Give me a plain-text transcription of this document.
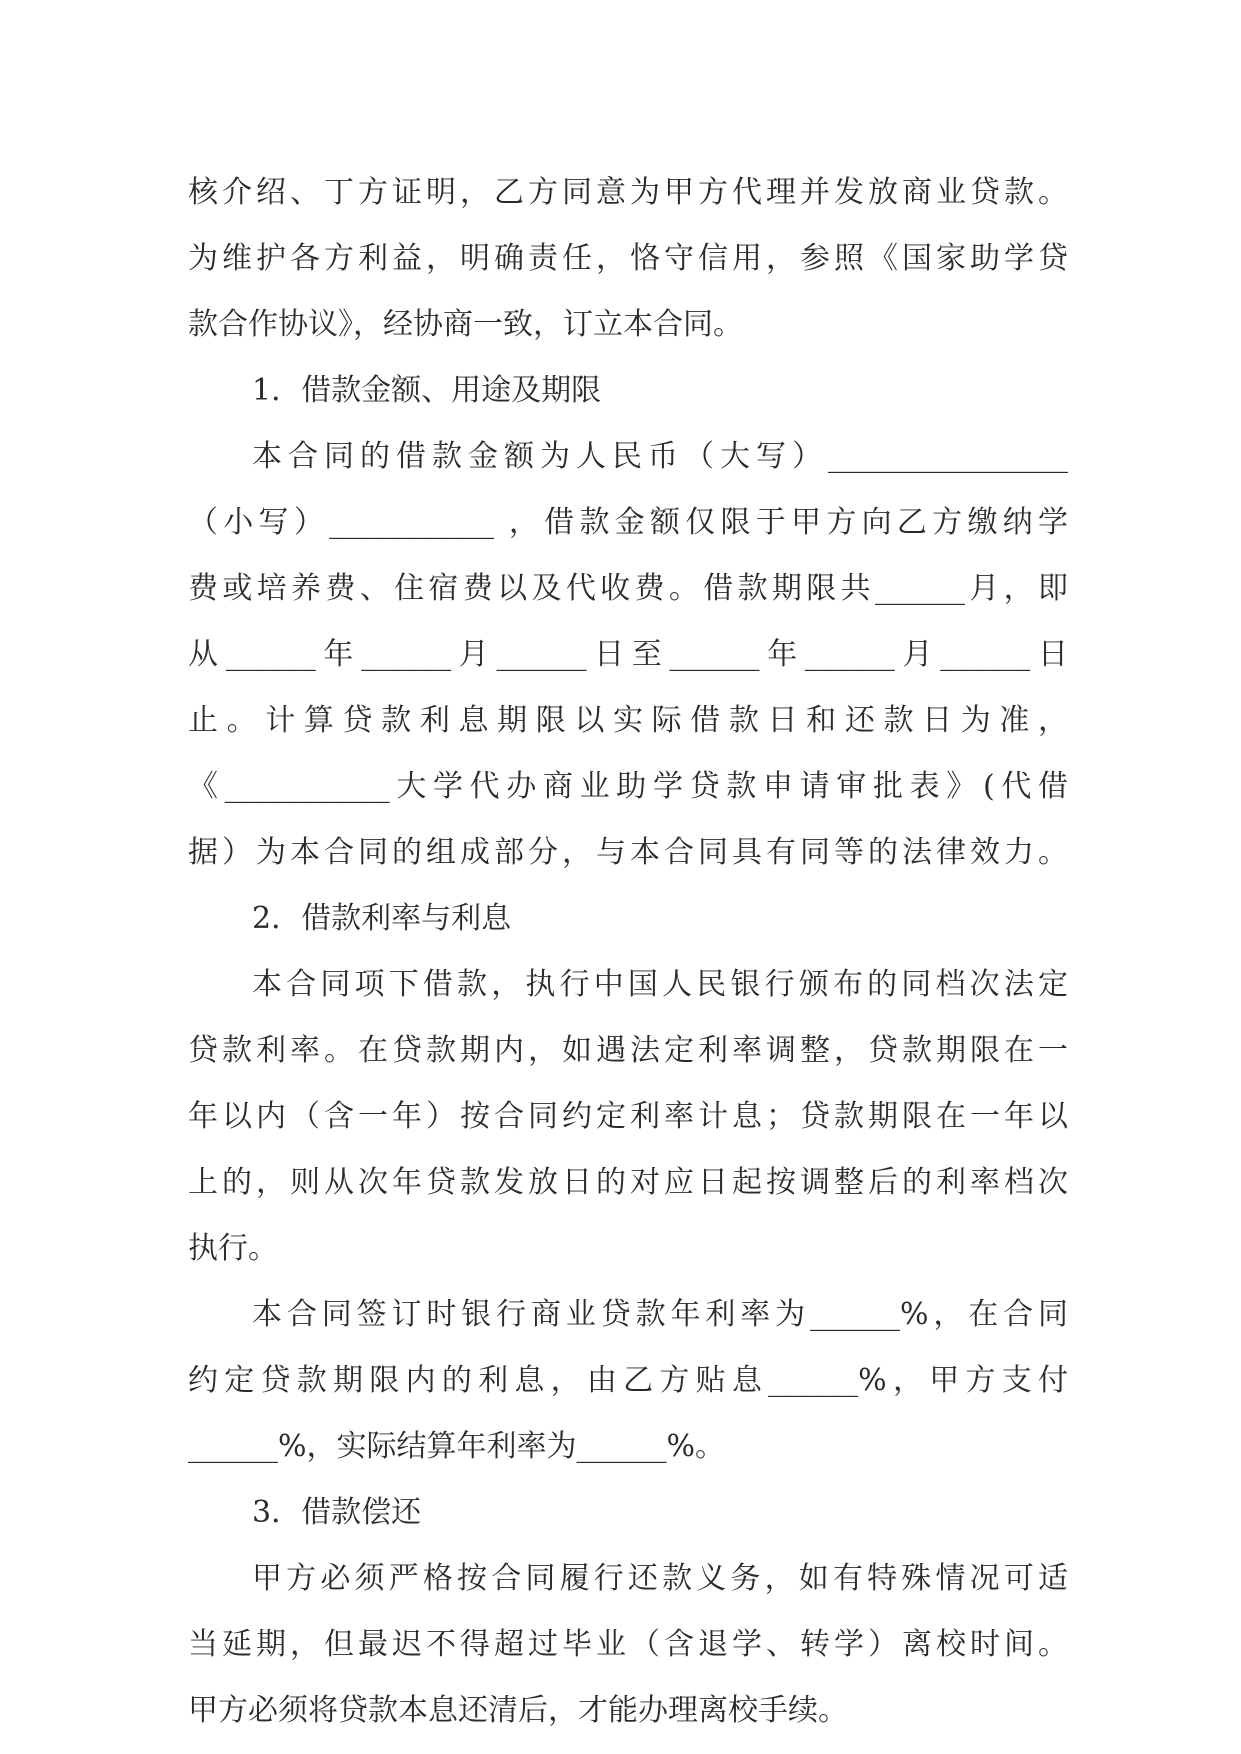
核介绍、丁方证明，乙方同意为甲方代理并发放商业贷款。
为维护各方利益，明确责任，恪守信用，参照《国家助学贷
款合作协议》，经协商一致，订立本合同。
1．借款金额、用途及期限
本合同的借款金额为人民币（大写）________________
（小写）___________ ，借款金额仅限于甲方向乙方缴纳学
费或培养费、住宿费以及代收费。借款期限共______月，即
从______年______月______日至______年______月______日
止。计算贷款利息期限以实际借款日和还款日为准，
《___________大学代办商业助学贷款申请审批表》(代借
据）为本合同的组成部分，与本合同具有同等的法律效力。
2．借款利率与利息
本合同项下借款，执行中国人民银行颁布的同档次法定
贷款利率。在贷款期内，如遇法定利率调整，贷款期限在一
年以内（含一年）按合同约定利率计息；贷款期限在一年以
上的，则从次年贷款发放日的对应日起按调整后的利率档次
执行。
本合同签订时银行商业贷款年利率为______%，在合同
约定贷款期限内的利息，由乙方贴息______%，甲方支付
______%，实际结算年利率为______%。
3．借款偿还
甲方必须严格按合同履行还款义务，如有特殊情况可适
当延期，但最迟不得超过毕业（含退学、转学）离校时间。
甲方必须将贷款本息还清后，才能办理离校手续。
